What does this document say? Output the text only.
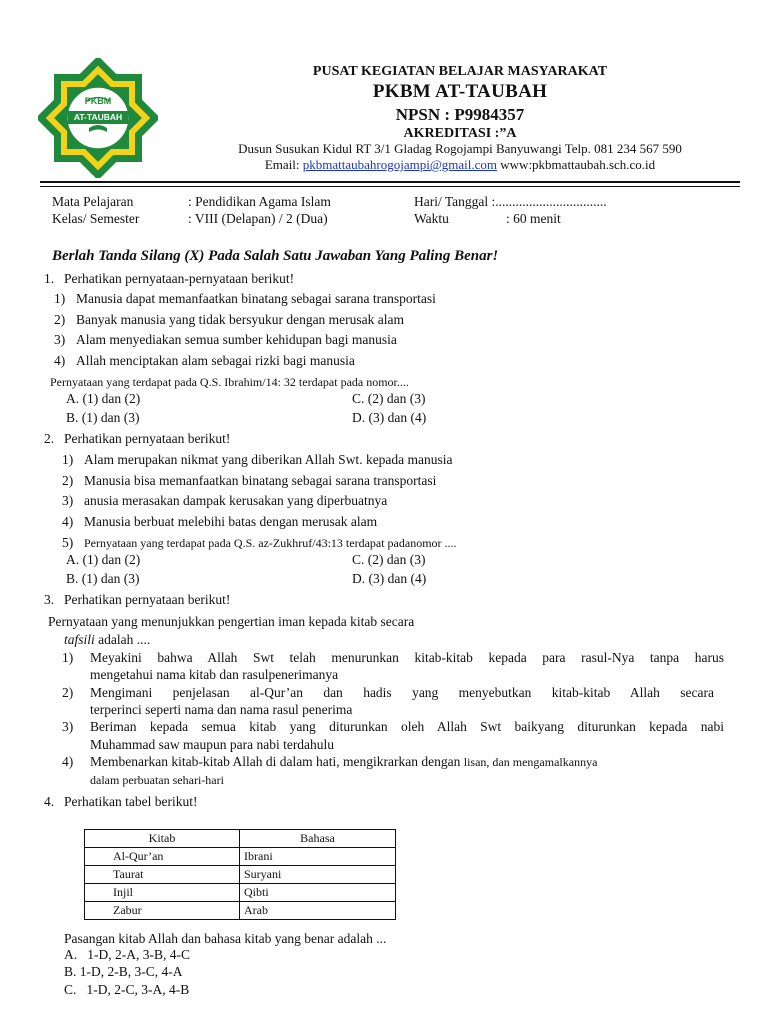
PKBM
AT-TAUBAH
PUSAT KEGIATAN BELAJAR MASYARAKAT
PKBM AT-TAUBAH
NPSN : P9984357
AKREDITASI :”A
Dusun Susukan Kidul RT 3/1 Gladag Rogojampi Banyuwangi Telp. 081 234 567 590
Email: pkbmattaubahrogojampi@gmail.com www:pkbmattaubah.sch.co.id
Mata Pelajaran	: Pendidikan Agama Islam	Hari/ Tanggal :.................................
Kelas/ Semester	: VIII (Delapan) / 2 (Dua)	Waktu	: 60 menit
Berlah Tanda Silang (X) Pada Salah Satu Jawaban Yang Paling Benar!
1. Perhatikan pernyataan-pernyataan berikut!
1) Manusia dapat memanfaatkan binatang sebagai sarana transportasi
2) Banyak manusia yang tidak bersyukur dengan merusak alam
3) Alam menyediakan semua sumber kehidupan bagi manusia
4) Allah menciptakan alam sebagai rizki bagi manusia
Pernyataan yang terdapat pada Q.S. Ibrahim/14: 32 terdapat pada nomor....
A. (1) dan (2)
B. (1) dan (3)
C. (2) dan (3)
D. (3) dan (4)
2. Perhatikan pernyataan berikut!
1) Alam merupakan nikmat yang diberikan Allah Swt. kepada manusia
2) Manusia bisa memanfaatkan binatang sebagai sarana transportasi
3) anusia merasakan dampak kerusakan yang diperbuatnya
4) Manusia berbuat melebihi batas dengan merusak alam
5) Pernyataan yang terdapat pada Q.S. az-Zukhruf/43:13 terdapat padanomor ....
A. (1) dan (2)
B. (1) dan (3)
C. (2) dan (3)
D. (3) dan (4)
3. Perhatikan pernyataan berikut!
Pernyataan yang menunjukkan pengertian iman kepada kitab secara
tafsili adalah ....
1) Meyakini bahwa Allah Swt telah menurunkan kitab-kitab kepada para rasul-Nya tanpa harus
mengetahui nama kitab dan rasulpenerimanya
2) Mengimani penjelasan al-Qur’an dan hadis yang menyebutkan kitab-kitab Allah secara
terperinci seperti nama dan nama rasul penerima
3) Beriman kepada semua kitab yang diturunkan oleh Allah Swt baikyang diturunkan kepada nabi
Muhammad saw maupun para nabi terdahulu
4) Membenarkan kitab-kitab Allah di dalam hati, mengikrarkan dengan lisan, dan mengamalkannya
dalam perbuatan sehari-hari
4. Perhatikan tabel berikut!
Kitab	Bahasa
Al-Qur’an	Ibrani
Taurat	Suryani
Injil	Qibti
Zabur	Arab
Pasangan kitab Allah dan bahasa kitab yang benar adalah ...
A.   1-D, 2-A, 3-B, 4-C
B. 1-D, 2-B, 3-C, 4-A
C.   1-D, 2-C, 3-A, 4-B
